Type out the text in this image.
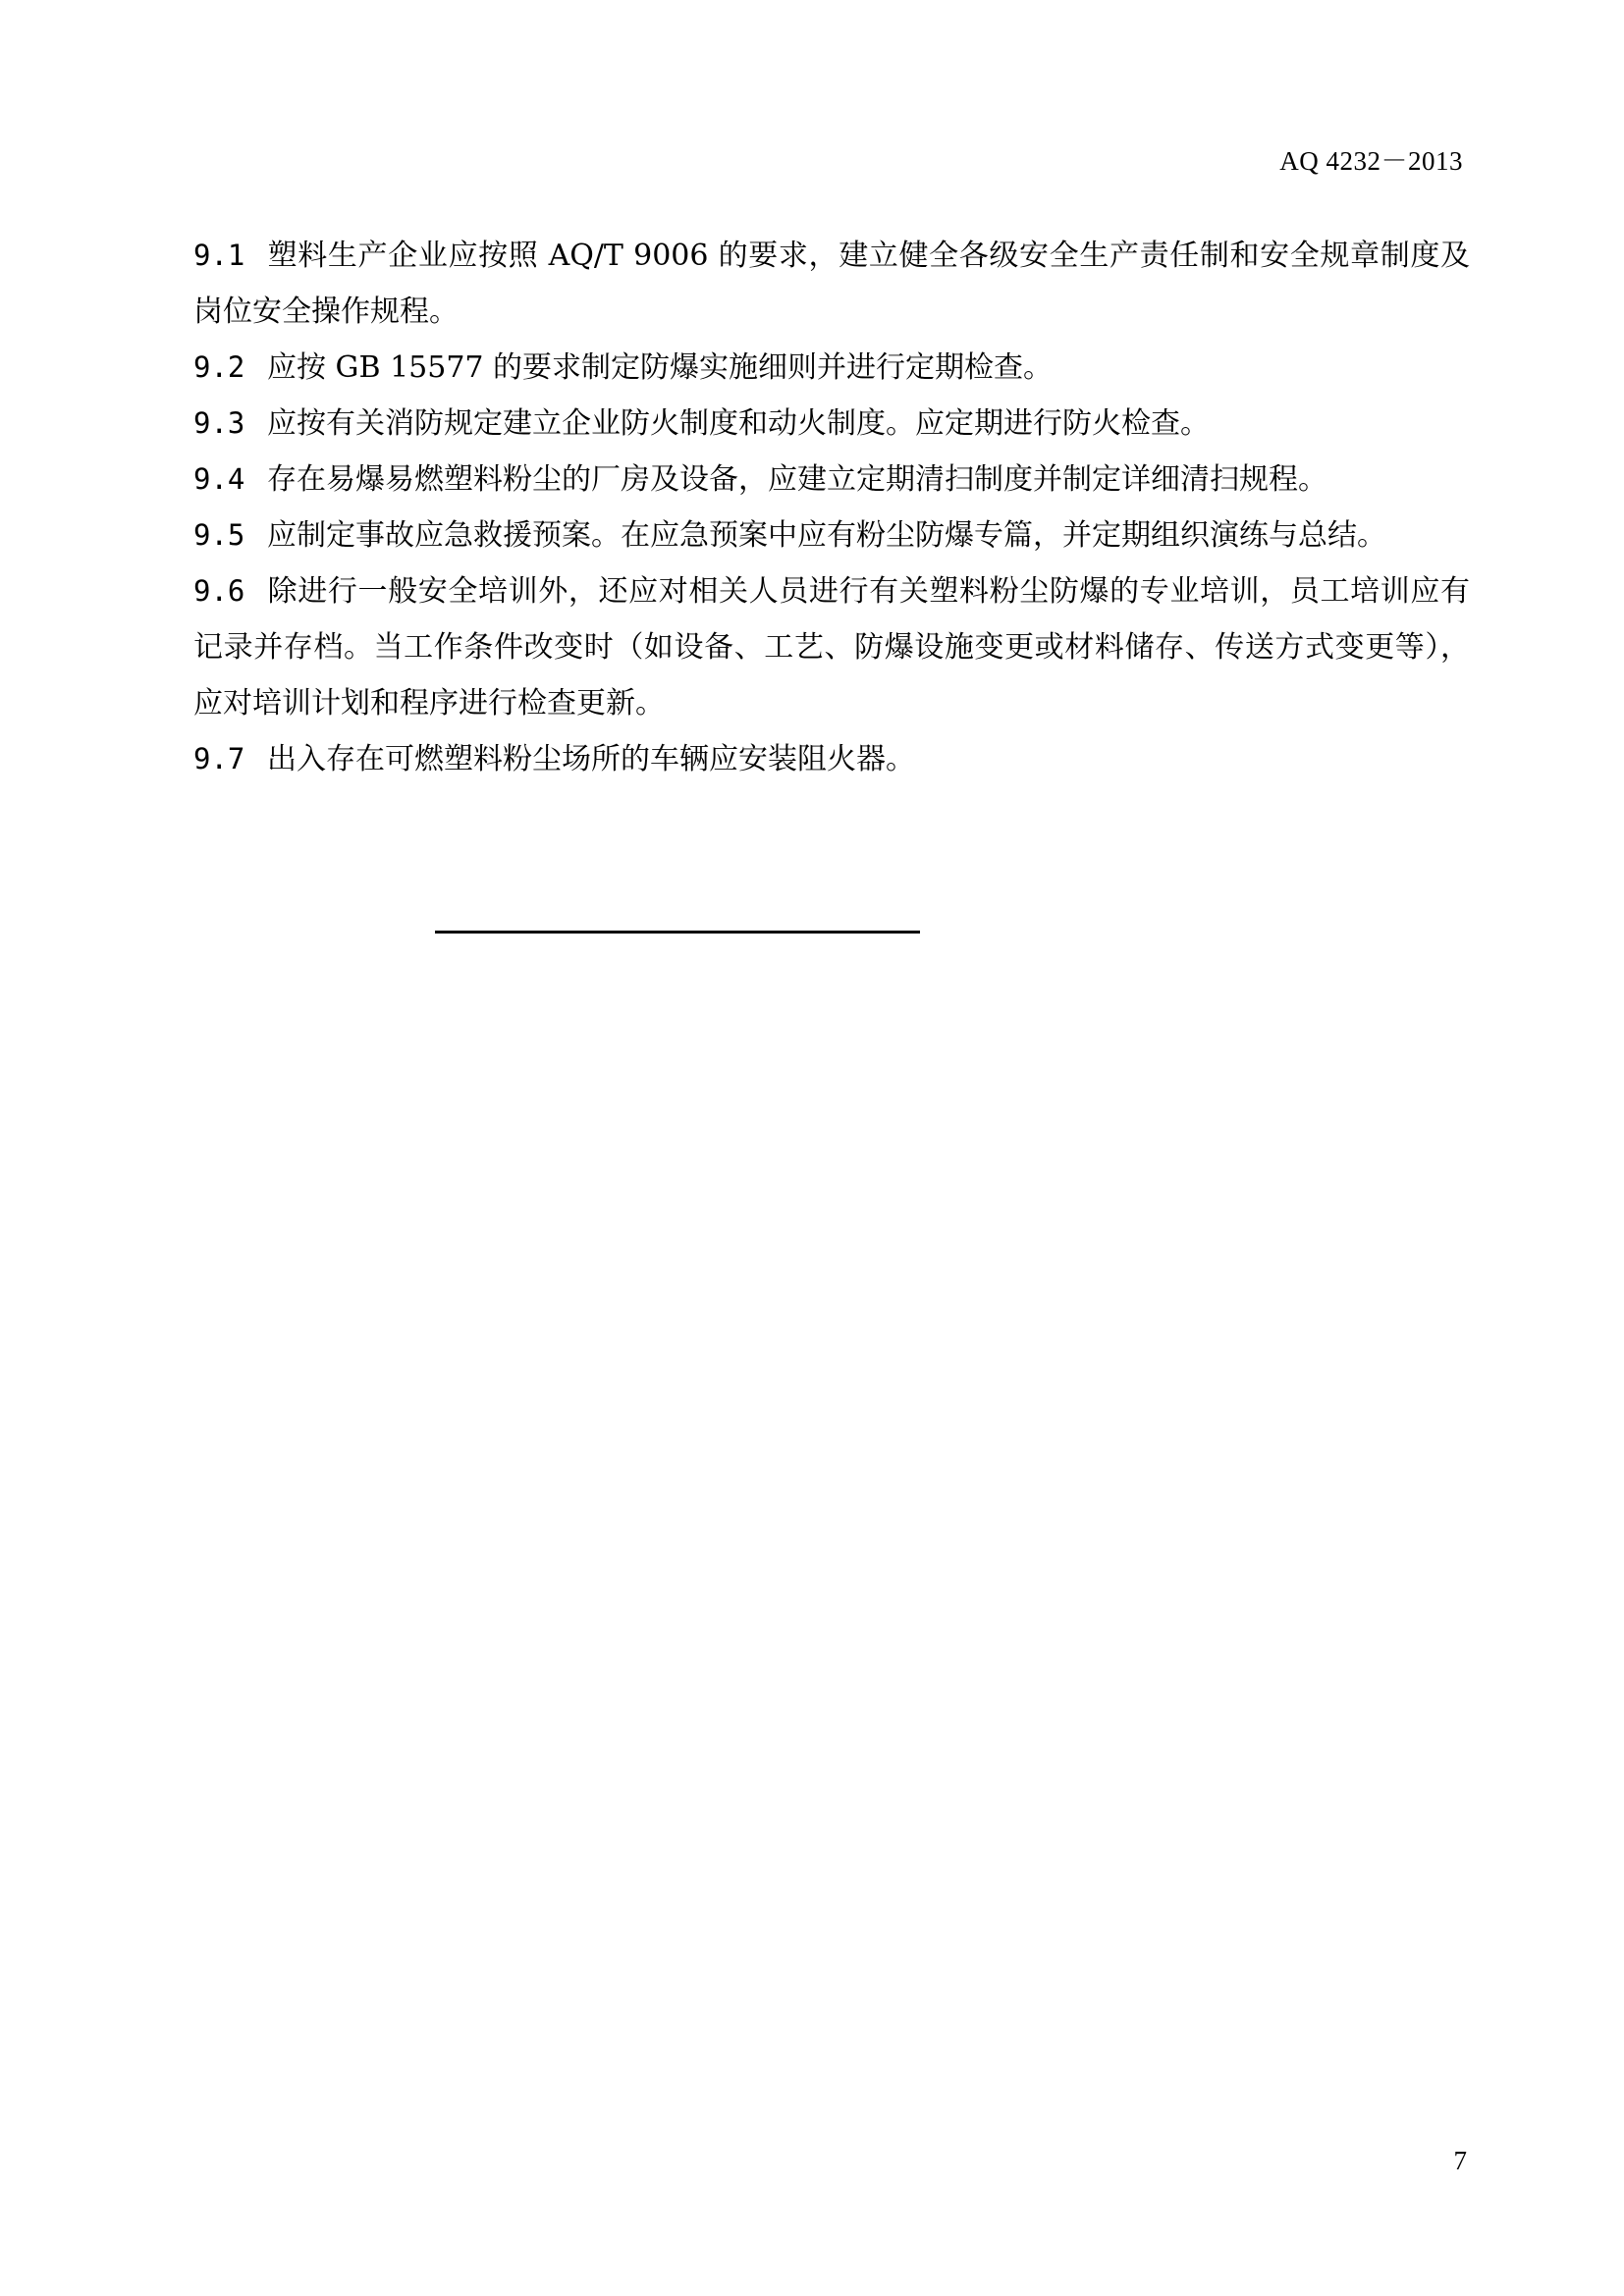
AQ 4232－2013

9.1 塑料生产企业应按照 AQ/T 9006 的要求，建立健全各级安全生产责任制和安全规章制度及岗位安全操作规程。

9.2 应按 GB 15577 的要求制定防爆实施细则并进行定期检查。

9.3 应按有关消防规定建立企业防火制度和动火制度。应定期进行防火检查。

9.4 存在易爆易燃塑料粉尘的厂房及设备，应建立定期清扫制度并制定详细清扫规程。

9.5 应制定事故应急救援预案。在应急预案中应有粉尘防爆专篇，并定期组织演练与总结。

9.6 除进行一般安全培训外，还应对相关人员进行有关塑料粉尘防爆的专业培训，员工培训应有记录并存档。当工作条件改变时（如设备、工艺、防爆设施变更或材料储存、传送方式变更等），应对培训计划和程序进行检查更新。

9.7 出入存在可燃塑料粉尘场所的车辆应安装阻火器。

7
